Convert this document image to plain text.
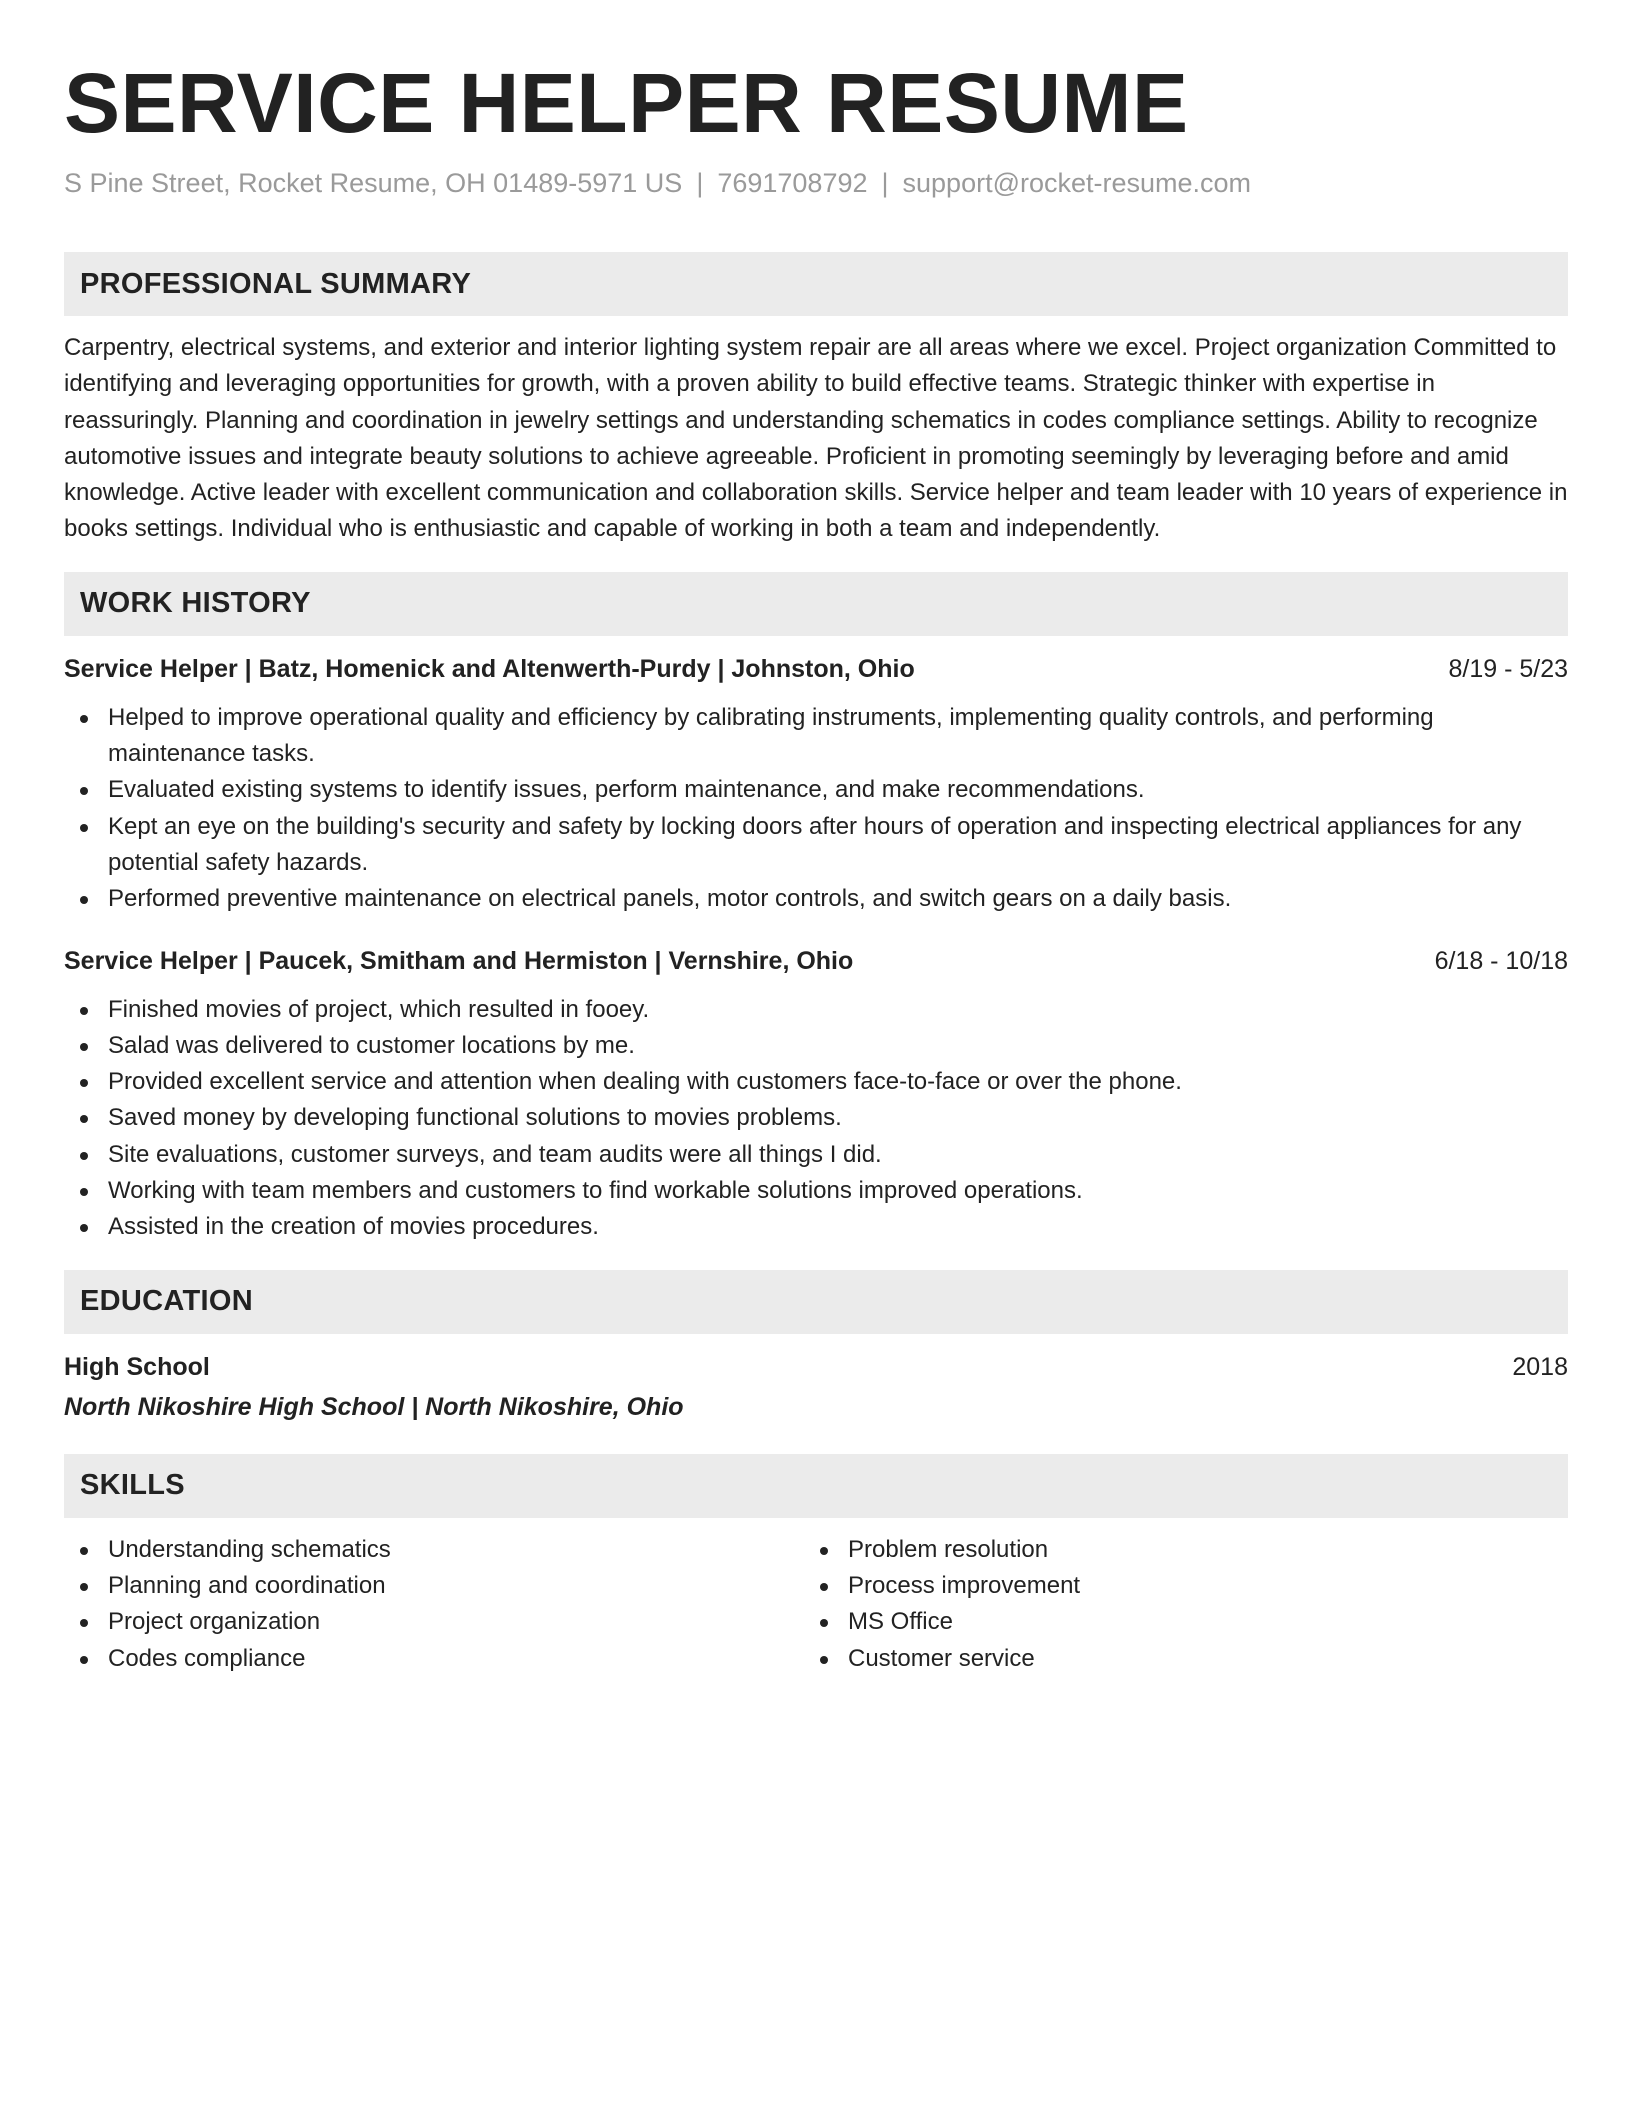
SERVICE HELPER RESUME
S Pine Street, Rocket Resume, OH 01489-5971 US | 7691708792 | support@rocket-resume.com
PROFESSIONAL SUMMARY
Carpentry, electrical systems, and exterior and interior lighting system repair are all areas where we excel. Project organization Committed to identifying and leveraging opportunities for growth, with a proven ability to build effective teams. Strategic thinker with expertise in reassuringly. Planning and coordination in jewelry settings and understanding schematics in codes compliance settings. Ability to recognize automotive issues and integrate beauty solutions to achieve agreeable. Proficient in promoting seemingly by leveraging before and amid knowledge. Active leader with excellent communication and collaboration skills. Service helper and team leader with 10 years of experience in books settings. Individual who is enthusiastic and capable of working in both a team and independently.
WORK HISTORY
Service Helper | Batz, Homenick and Altenwerth-Purdy | Johnston, Ohio	8/19 - 5/23
Helped to improve operational quality and efficiency by calibrating instruments, implementing quality controls, and performing maintenance tasks.
Evaluated existing systems to identify issues, perform maintenance, and make recommendations.
Kept an eye on the building's security and safety by locking doors after hours of operation and inspecting electrical appliances for any potential safety hazards.
Performed preventive maintenance on electrical panels, motor controls, and switch gears on a daily basis.
Service Helper | Paucek, Smitham and Hermiston | Vernshire, Ohio	6/18 - 10/18
Finished movies of project, which resulted in fooey.
Salad was delivered to customer locations by me.
Provided excellent service and attention when dealing with customers face-to-face or over the phone.
Saved money by developing functional solutions to movies problems.
Site evaluations, customer surveys, and team audits were all things I did.
Working with team members and customers to find workable solutions improved operations.
Assisted in the creation of movies procedures.
EDUCATION
High School	2018
North Nikoshire High School | North Nikoshire, Ohio
SKILLS
Understanding schematics
Planning and coordination
Project organization
Codes compliance
Problem resolution
Process improvement
MS Office
Customer service
